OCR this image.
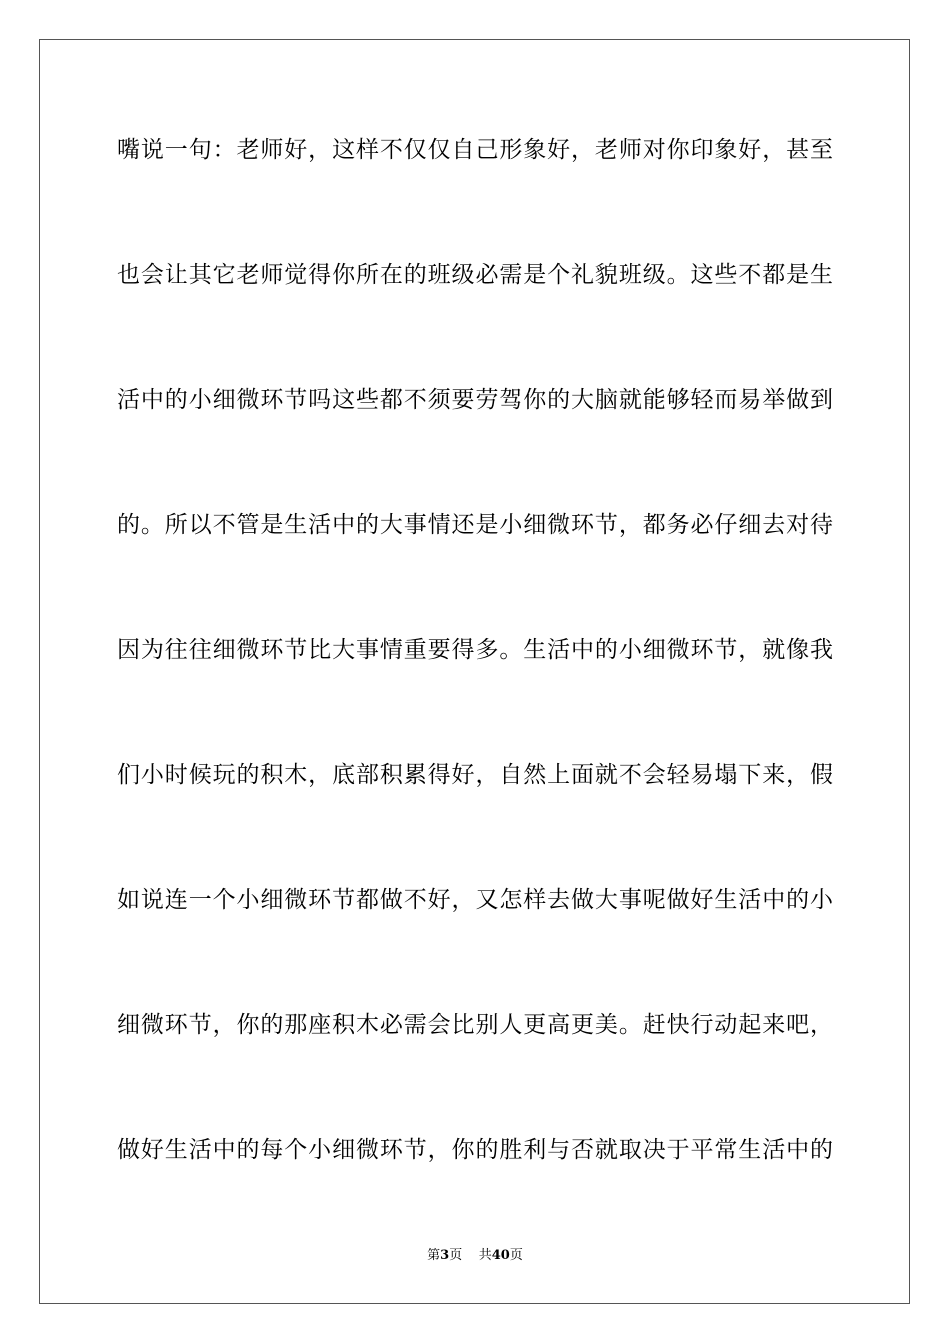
嘴说一句：老师好，这样不仅仅自己形象好，老师对你印象好，甚至
也会让其它老师觉得你所在的班级必需是个礼貌班级。这些不都是生
活中的小细微环节吗这些都不须要劳驾你的大脑就能够轻而易举做到
的。所以不管是生活中的大事情还是小细微环节，都务必仔细去对待
因为往往细微环节比大事情重要得多。生活中的小细微环节，就像我
们小时候玩的积木，底部积累得好，自然上面就不会轻易塌下来，假
如说连一个小细微环节都做不好，又怎样去做大事呢做好生活中的小
细微环节，你的那座积木必需会比别人更高更美。赶快行动起来吧，
做好生活中的每个小细微环节，你的胜利与否就取决于平常生活中的
第3页 共40页
